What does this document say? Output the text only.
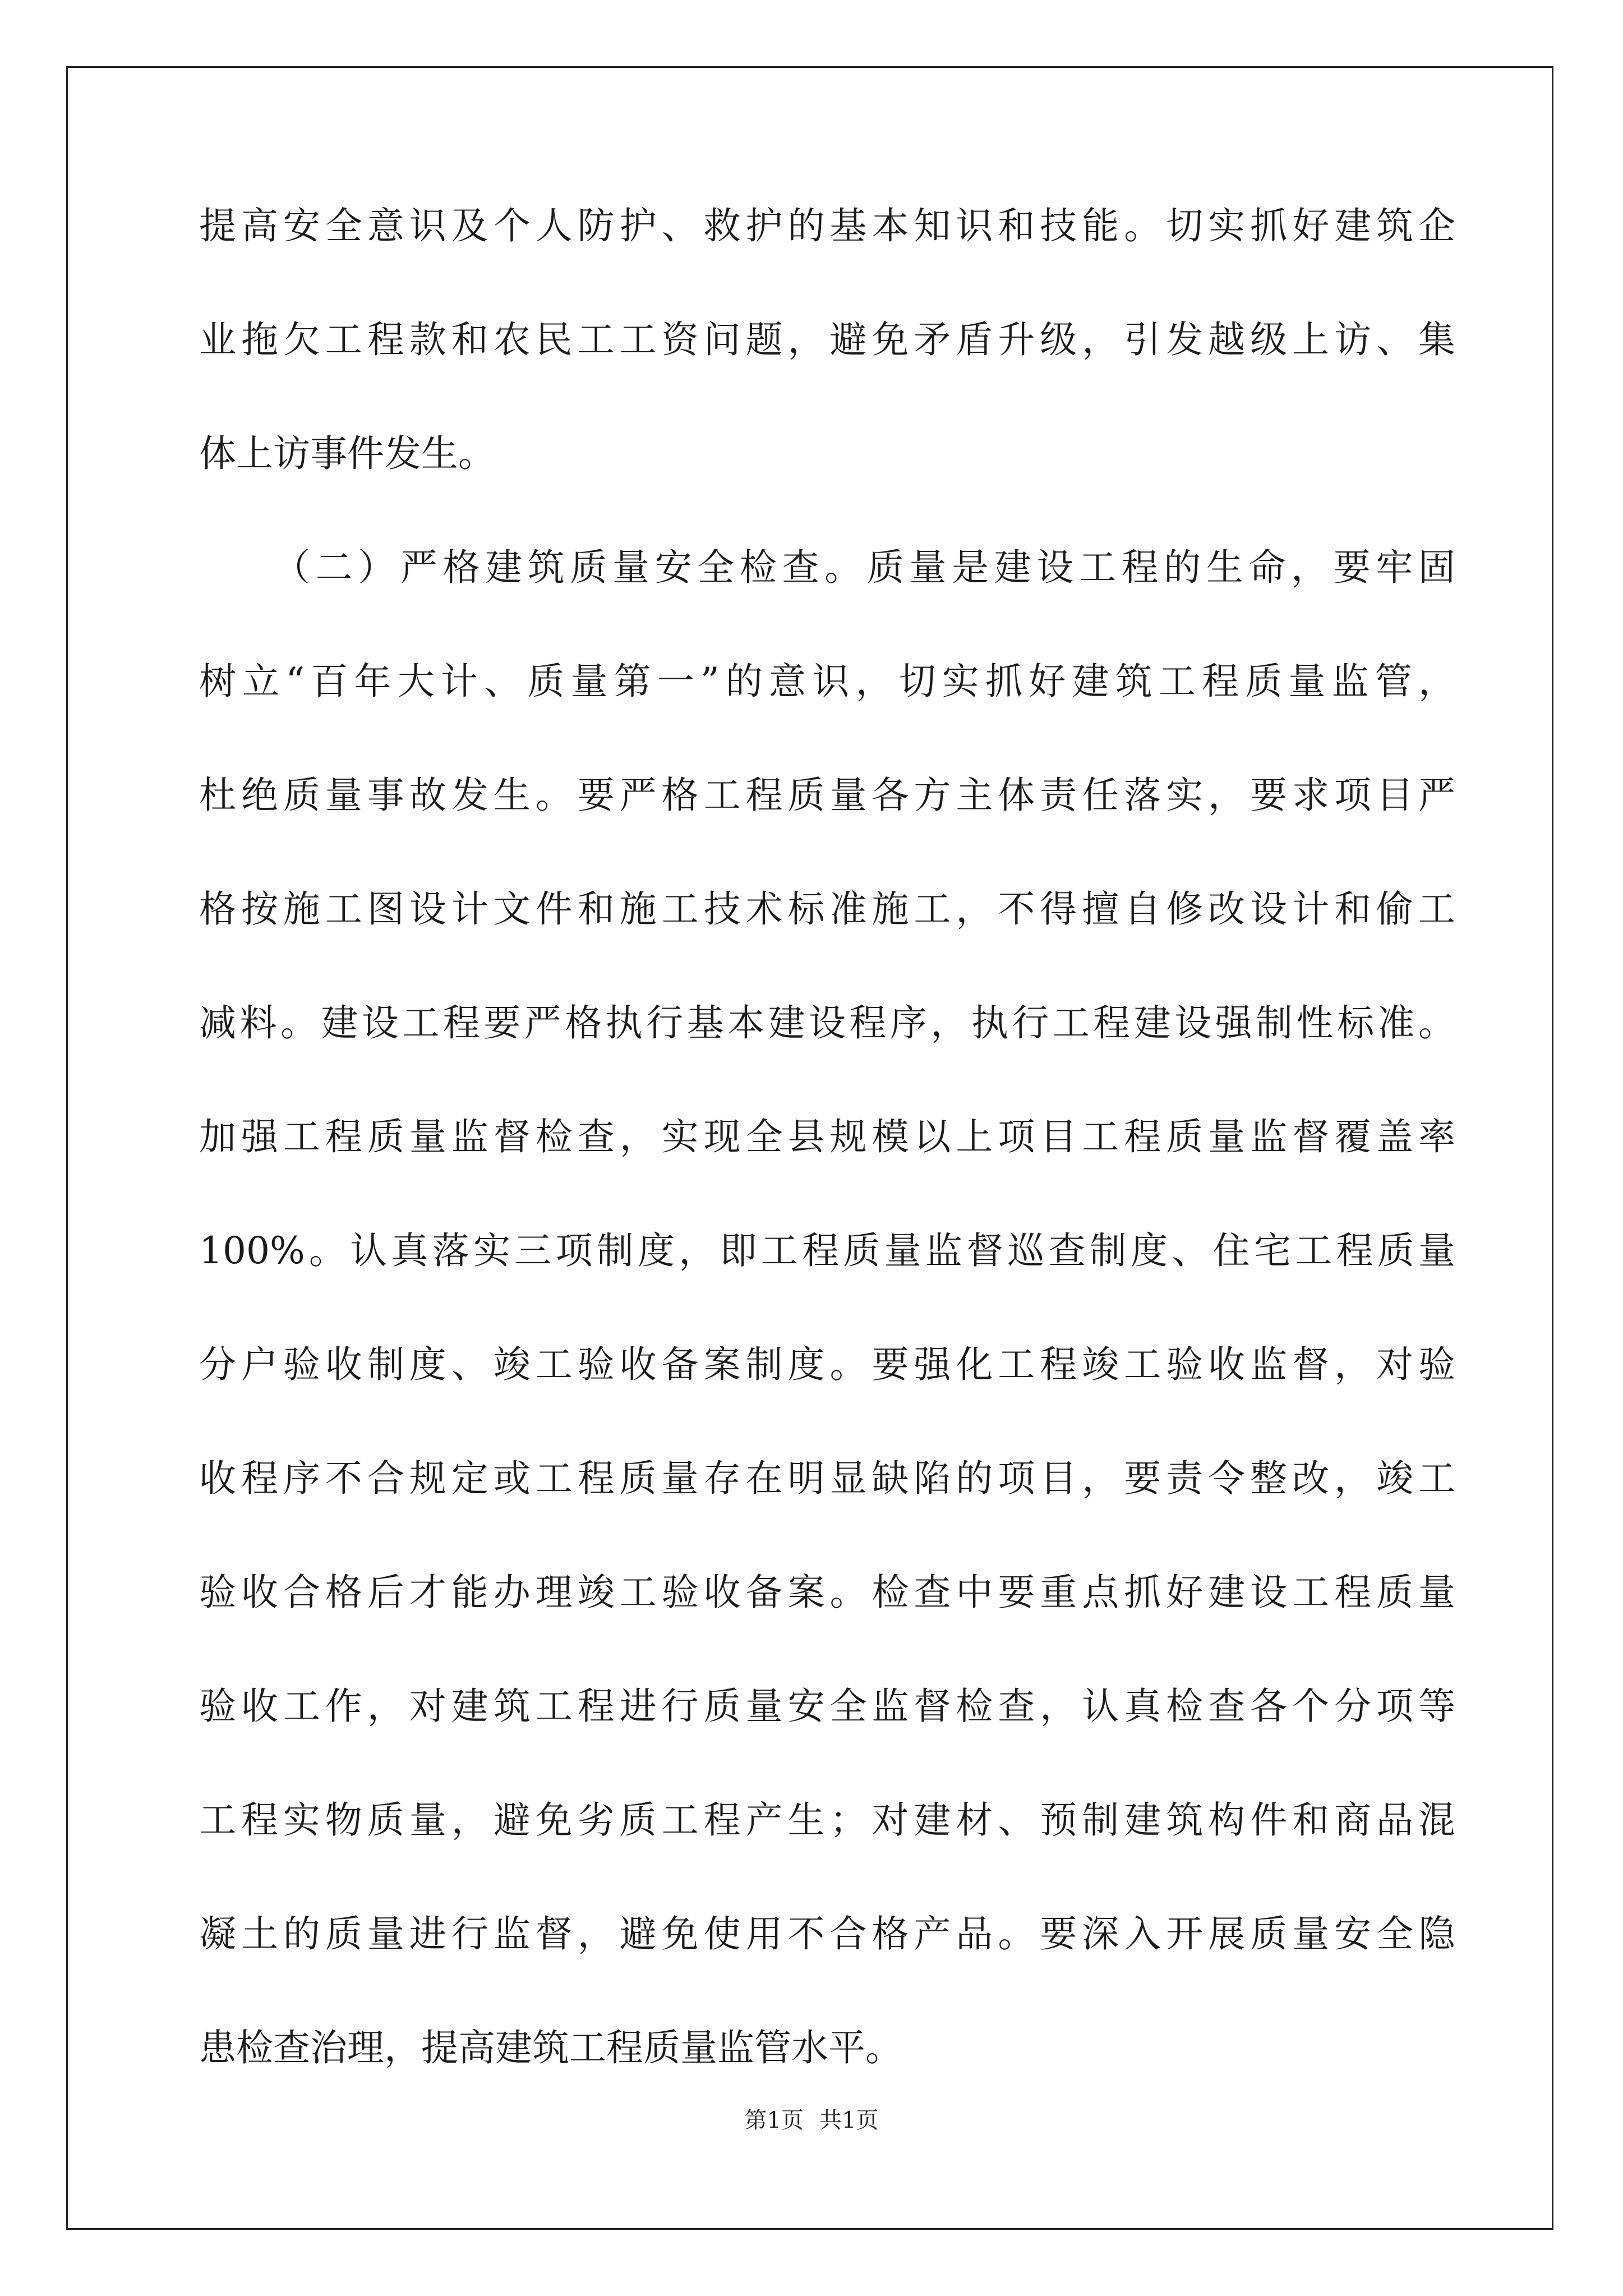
提高安全意识及个人防护、救护的基本知识和技能。切实抓好建筑企
业拖欠工程款和农民工工资问题，避免矛盾升级，引发越级上访、集
体上访事件发生。
（二）严格建筑质量安全检查。质量是建设工程的生命，要牢固
树立“百年大计、质量第一”的意识，切实抓好建筑工程质量监管，
杜绝质量事故发生。要严格工程质量各方主体责任落实，要求项目严
格按施工图设计文件和施工技术标准施工，不得擅自修改设计和偷工
减料。建设工程要严格执行基本建设程序，执行工程建设强制性标准。
加强工程质量监督检查，实现全县规模以上项目工程质量监督覆盖率
100%。认真落实三项制度，即工程质量监督巡查制度、住宅工程质量
分户验收制度、竣工验收备案制度。要强化工程竣工验收监督，对验
收程序不合规定或工程质量存在明显缺陷的项目，要责令整改，竣工
验收合格后才能办理竣工验收备案。检查中要重点抓好建设工程质量
验收工作，对建筑工程进行质量安全监督检查，认真检查各个分项等
工程实物质量，避免劣质工程产生；对建材、预制建筑构件和商品混
凝土的质量进行监督，避免使用不合格产品。要深入开展质量安全隐
患检查治理，提高建筑工程质量监管水平。
第1页 共1页
